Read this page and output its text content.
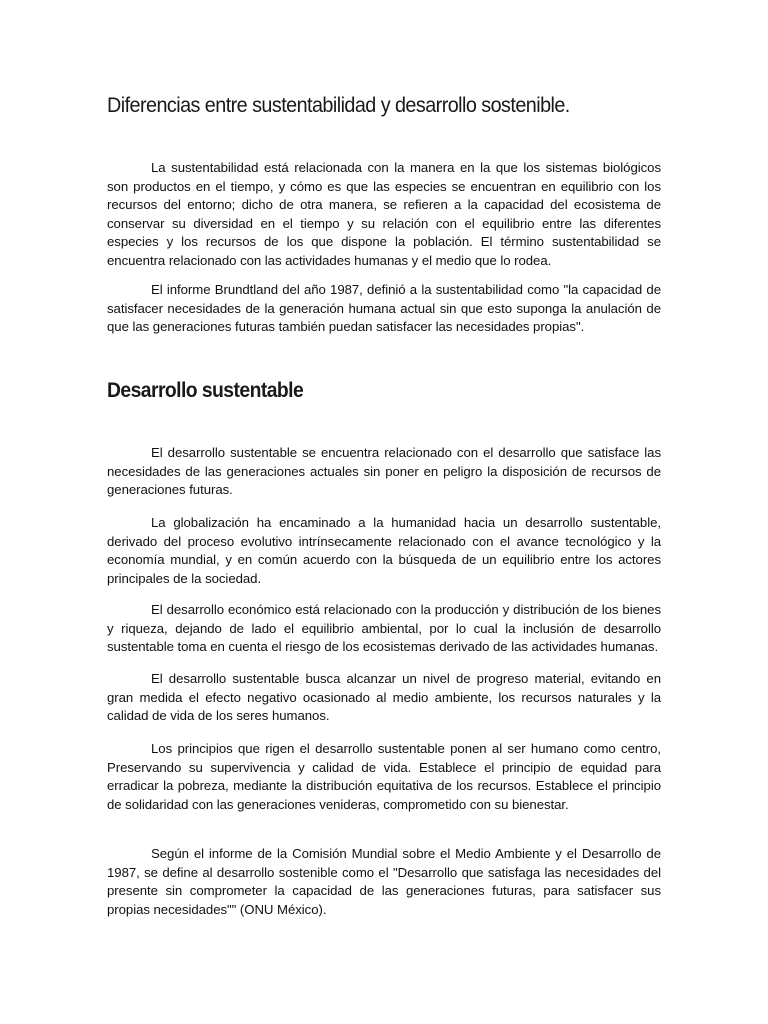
Diferencias entre sustentabilidad y desarrollo sostenible.

La sustentabilidad está relacionada con la manera en la que los sistemas biológicos son productos en el tiempo, y cómo es que las especies se encuentran en equilibrio con los recursos del entorno; dicho de otra manera, se refieren a la capacidad del ecosistema de conservar su diversidad en el tiempo y su relación con el equilibrio entre las diferentes especies y los recursos de los que dispone la población. El término sustentabilidad se encuentra relacionado con las actividades humanas y el medio que lo rodea.

El informe Brundtland del año 1987, definió a la sustentabilidad como "la capacidad de satisfacer necesidades de la generación humana actual sin que esto suponga la anulación de que las generaciones futuras también puedan satisfacer las necesidades propias".

Desarrollo sustentable

El desarrollo sustentable se encuentra relacionado con el desarrollo que satisface las necesidades de las generaciones actuales sin poner en peligro la disposición de recursos de generaciones futuras.

La globalización ha encaminado a la humanidad hacia un desarrollo sustentable, derivado del proceso evolutivo intrínsecamente relacionado con el avance tecnológico y la economía mundial, y en común acuerdo con la búsqueda de un equilibrio entre los actores principales de la sociedad.

El desarrollo económico está relacionado con la producción y distribución de los bienes y riqueza, dejando de lado el equilibrio ambiental, por lo cual la inclusión de desarrollo sustentable toma en cuenta el riesgo de los ecosistemas derivado de las actividades humanas.

El desarrollo sustentable busca alcanzar un nivel de progreso material, evitando en gran medida el efecto negativo ocasionado al medio ambiente, los recursos naturales y la calidad de vida de los seres humanos.

Los principios que rigen el desarrollo sustentable ponen al ser humano como centro, Preservando su supervivencia y calidad de vida. Establece el principio de equidad para erradicar la pobreza, mediante la distribución equitativa de los recursos. Establece el principio de solidaridad con las generaciones venideras, comprometido con su bienestar.

Según el informe de la Comisión Mundial sobre el Medio Ambiente y el Desarrollo de 1987, se define al desarrollo sostenible como el "Desarrollo que satisfaga las necesidades del presente sin comprometer la capacidad de las generaciones futuras, para satisfacer sus propias necesidades"" (ONU México).
